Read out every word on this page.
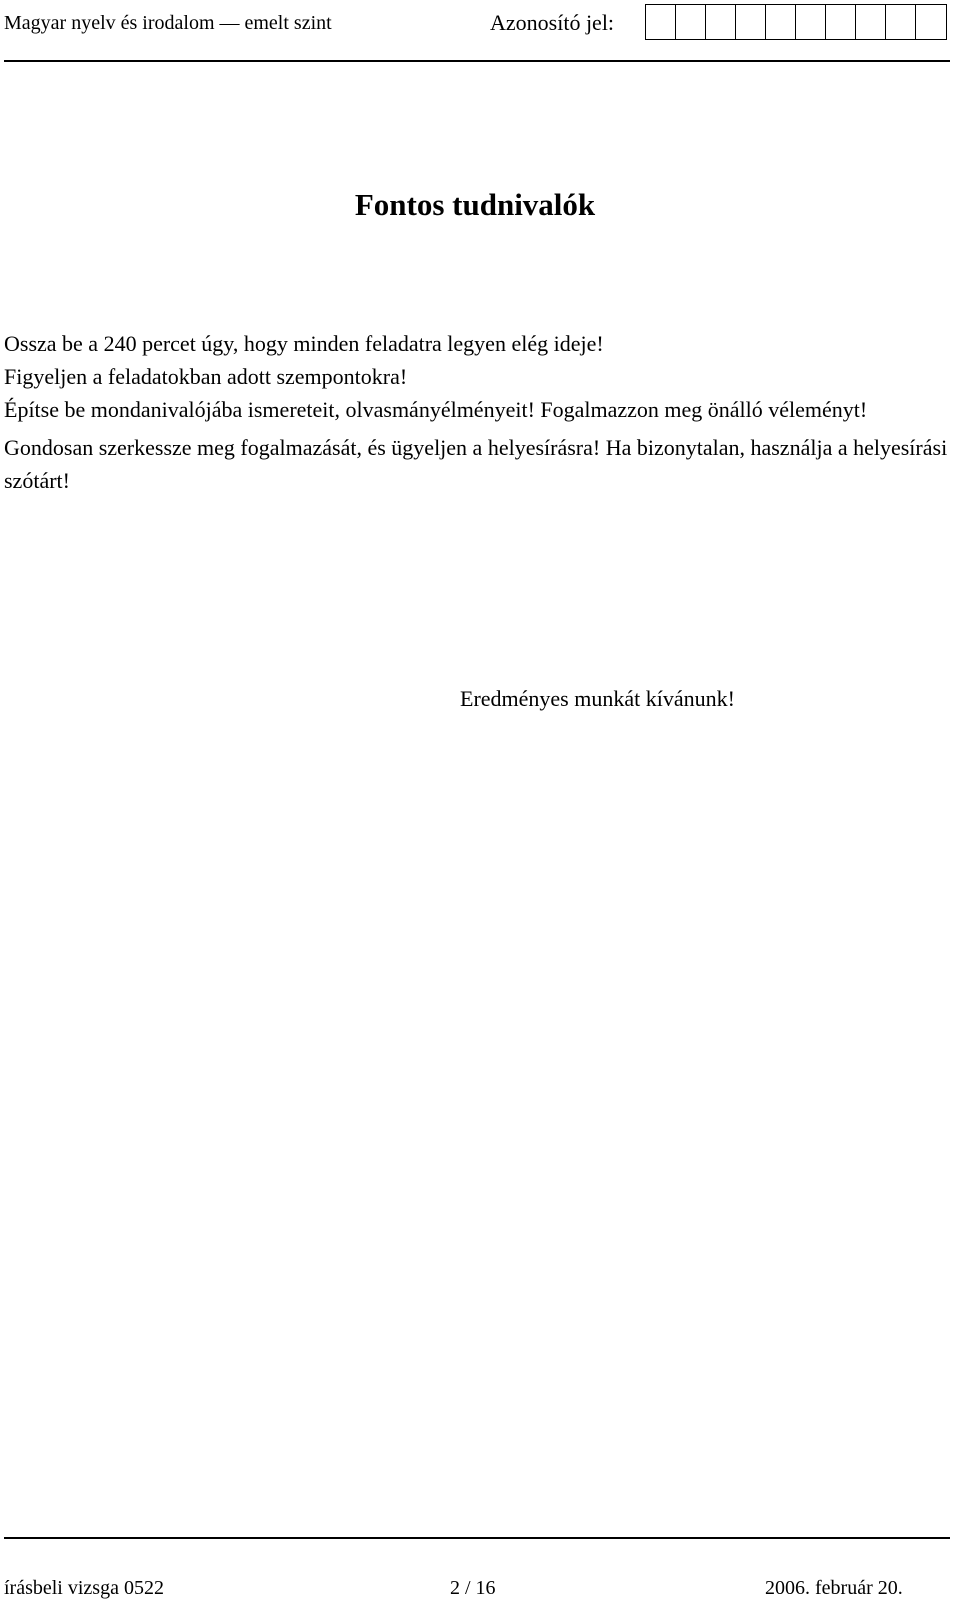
Magyar nyelv és irodalom — emelt szint	Azonosító jel:
Fontos tudnivalók

Ossza be a 240 percet úgy, hogy minden feladatra legyen elég ideje!

Figyeljen a feladatokban adott szempontokra!

Építse be mondanivalójába ismereteit, olvasmányélményeit! Fogalmazzon meg önálló véleményt!

Gondosan szerkessze meg fogalmazását, és ügyeljen a helyesírásra! Ha bizonytalan, használja a helyesírási szótárt!

Eredményes munkát kívánunk!
írásbeli vizsga 0522	2 / 16	2006. február 20.
